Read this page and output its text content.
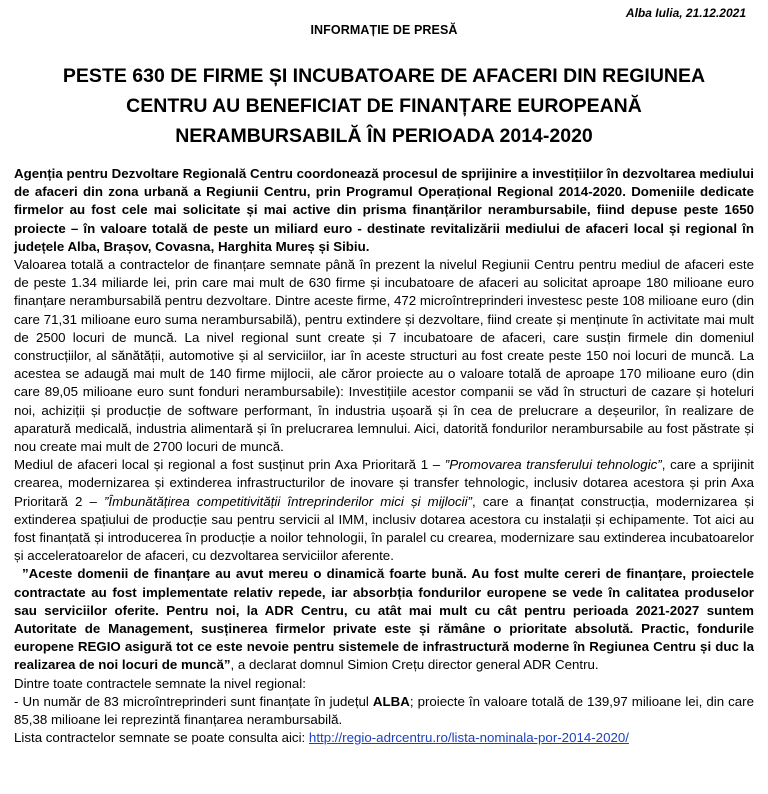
Alba Iulia, 21.12.2021
INFORMAȚIE DE PRESĂ
PESTE 630 DE FIRME ȘI INCUBATOARE DE AFACERI DIN REGIUNEA
CENTRU AU BENEFICIAT DE FINANȚARE EUROPEANĂ
NERAMBURSABILĂ ÎN PERIOADA 2014-2020

Agenția pentru Dezvoltare Regională Centru coordonează procesul de sprijinire a investițiilor în dezvoltarea mediului de afaceri din zona urbană a Regiunii Centru, prin Programul Operațional Regional 2014-2020. Domeniile dedicate firmelor au fost cele mai solicitate și mai active din prisma finanțărilor nerambursabile, fiind depuse peste 1650 proiecte – în valoare totală de peste un miliard euro - destinate revitalizării mediului de afaceri local și regional în județele Alba, Brașov, Covasna, Harghita Mureș și Sibiu.

Valoarea totală a contractelor de finanțare semnate până în prezent la nivelul Regiunii Centru pentru mediul de afaceri este de peste 1.34 miliarde lei, prin care mai mult de 630 firme și incubatoare de afaceri au solicitat aproape 180 milioane euro finanțare nerambursabilă pentru dezvoltare. Dintre aceste firme, 472 microîntreprinderi investesc peste 108 milioane euro (din care 71,31 milioane euro suma nerambursabilă), pentru extindere și dezvoltare, fiind create și menținute în activitate mai mult de 2500 locuri de muncă. La nivel regional sunt create și 7 incubatoare de afaceri, care susțin firmele din domeniul construcțiilor, al sănătății, automotive și al serviciilor, iar în aceste structuri au fost create peste 150 noi locuri de muncă. La acestea se adaugă mai mult de 140 firme mijlocii, ale căror proiecte au o valoare totală de aproape 170 milioane euro (din care 89,05 milioane euro sunt fonduri nerambursabile): Investițiile acestor companii se văd în structuri de cazare și hoteluri noi, achiziții și producție de software performant, în industria ușoară și în cea de prelucrare a deșeurilor, în realizare de aparatură medicală, industria alimentară și în prelucrarea lemnului. Aici, datorită fondurilor nerambursabile au fost păstrate și nou create mai mult de 2700 locuri de muncă.

Mediul de afaceri local și regional a fost susținut prin Axa Prioritară 1 – ”Promovarea transferului tehnologic”, care a sprijinit crearea, modernizarea și extinderea infrastructurilor de inovare și transfer tehnologic, inclusiv dotarea acestora și prin Axa Prioritară 2 – ”Îmbunătățirea competitivității întreprinderilor mici și mijlocii”, care a finanțat construcția, modernizarea și extinderea spațiului de producție sau pentru servicii al IMM, inclusiv dotarea acestora cu instalații și echipamente. Tot aici au fost finanțată și introducerea în producție a noilor tehnologii, în paralel cu crearea, modernizare sau extinderea incubatoarelor și acceleratoarelor de afaceri, cu dezvoltarea serviciilor aferente.

”Aceste domenii de finanțare au avut mereu o dinamică foarte bună. Au fost multe cereri de finanțare, proiectele contractate au fost implementate relativ repede, iar absorbția fondurilor europene se vede în calitatea produselor sau serviciilor oferite. Pentru noi, la ADR Centru, cu atât mai mult cu cât pentru perioada 2021-2027 suntem Autoritate de Management, susținerea firmelor private este și rămâne o prioritate absolută. Practic, fondurile europene REGIO asigură tot ce este nevoie pentru sistemele de infrastructură moderne în Regiunea Centru și duc la realizarea de noi locuri de muncă”, a declarat domnul Simion Crețu director general ADR Centru.

Dintre toate contractele semnate la nivel regional:

- Un număr de 83 microîntreprinderi sunt finanțate în județul ALBA; proiecte în valoare totală de 139,97 milioane lei, din care 85,38 milioane lei reprezintă finanțarea nerambursabilă.

Lista contractelor semnate se poate consulta aici: http://regio-adrcentru.ro/lista-nominala-por-2014-2020/
